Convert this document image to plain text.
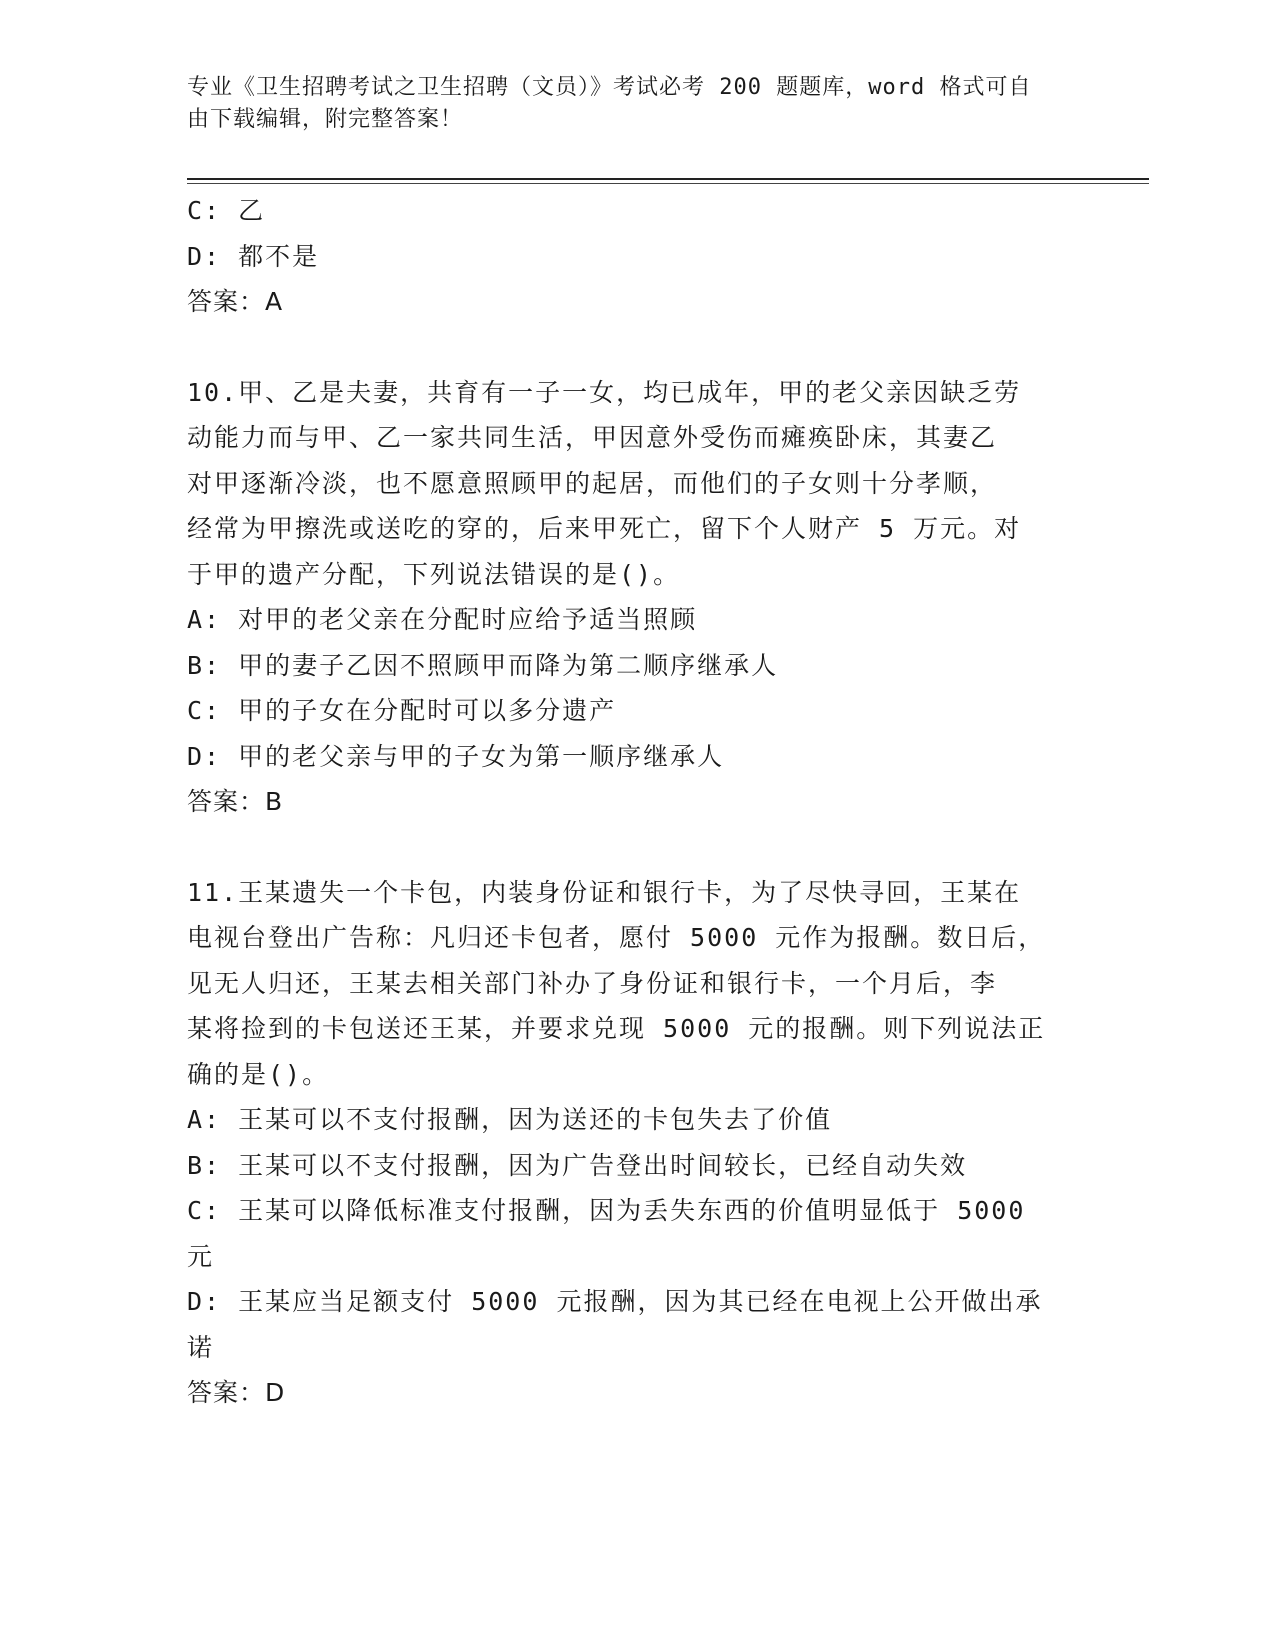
专业《卫生招聘考试之卫生招聘（文员）》考试必考 200 题题库，word 格式可自
由下载编辑，附完整答案！
C: 乙
D: 都不是
答案：A
10.甲、乙是夫妻，共育有一子一女，均已成年，甲的老父亲因缺乏劳
动能力而与甲、乙一家共同生活，甲因意外受伤而瘫痪卧床，其妻乙
对甲逐渐冷淡，也不愿意照顾甲的起居，而他们的子女则十分孝顺，
经常为甲擦洗或送吃的穿的，后来甲死亡，留下个人财产 5 万元。对
于甲的遗产分配，下列说法错误的是()。
A: 对甲的老父亲在分配时应给予适当照顾
B: 甲的妻子乙因不照顾甲而降为第二顺序继承人
C: 甲的子女在分配时可以多分遗产
D: 甲的老父亲与甲的子女为第一顺序继承人
答案：B
11.王某遗失一个卡包，内装身份证和银行卡，为了尽快寻回，王某在
电视台登出广告称：凡归还卡包者，愿付 5000 元作为报酬。数日后，
见无人归还，王某去相关部门补办了身份证和银行卡，一个月后，李
某将捡到的卡包送还王某，并要求兑现 5000 元的报酬。则下列说法正
确的是()。
A: 王某可以不支付报酬，因为送还的卡包失去了价值
B: 王某可以不支付报酬，因为广告登出时间较长，已经自动失效
C: 王某可以降低标准支付报酬，因为丢失东西的价值明显低于 5000
元
D: 王某应当足额支付 5000 元报酬，因为其已经在电视上公开做出承
诺
答案：D
